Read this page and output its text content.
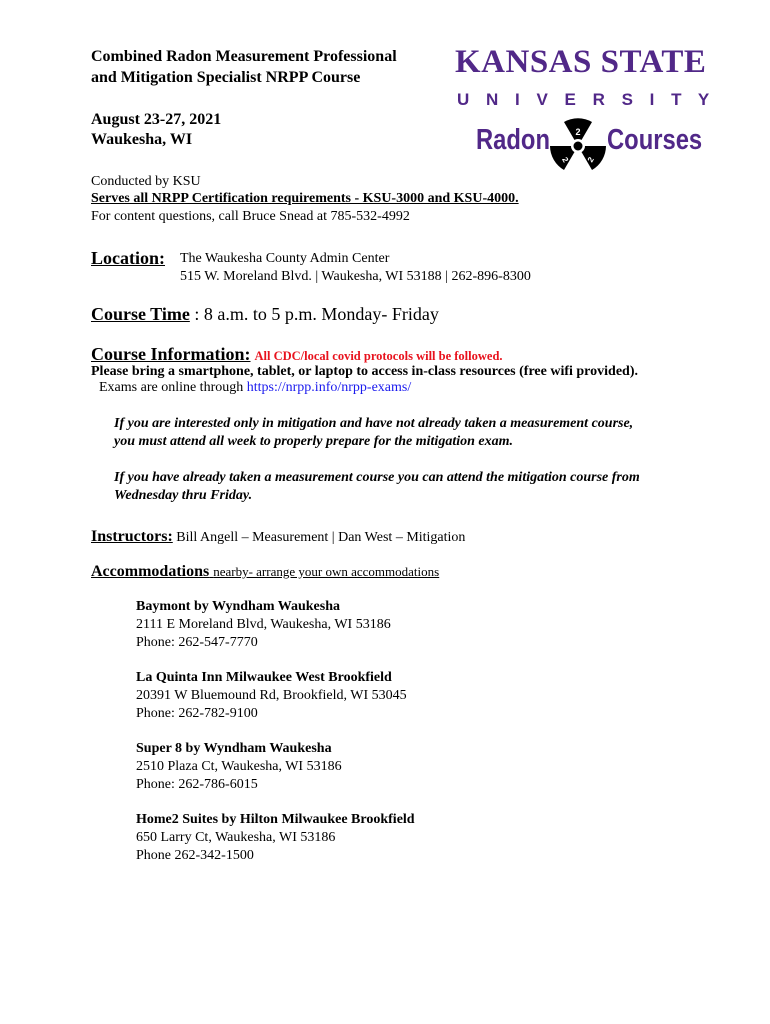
Combined Radon Measurement Professional
and Mitigation Specialist NRPP Course
August 23-27, 2021
Waukesha, WI
KANSAS STATE
U N I V E R S I T Y
Radon	2
2
2
Courses
Conducted by KSU
Serves all NRPP Certification requirements - KSU-3000 and KSU-4000.
For content questions, call Bruce Snead at 785-532-4992
Location: The Waukesha County Admin Center
515 W. Moreland Blvd. | Waukesha, WI 53188 | 262-896-8300
Course Time : 8 a.m. to 5 p.m. Monday- Friday
Course Information: All CDC/local covid protocols will be followed.
Please bring a smartphone, tablet, or laptop to access in-class resources (free wifi provided).
Exams are online through https://nrpp.info/nrpp-exams/
If you are interested only in mitigation and have not already taken a measurement course,
you must attend all week to properly prepare for the mitigation exam.
If you have already taken a measurement course you can attend the mitigation course from
Wednesday thru Friday.
Instructors: Bill Angell – Measurement | Dan West – Mitigation
Accommodations nearby- arrange your own accommodations
Baymont by Wyndham Waukesha
2111 E Moreland Blvd, Waukesha, WI 53186
Phone: 262-547-7770
La Quinta Inn Milwaukee West Brookfield
20391 W Bluemound Rd, Brookfield, WI 53045
Phone: 262-782-9100
Super 8 by Wyndham Waukesha
2510 Plaza Ct, Waukesha, WI 53186
Phone: 262-786-6015
Home2 Suites by Hilton Milwaukee Brookfield
650 Larry Ct, Waukesha, WI 53186
Phone 262-342-1500
